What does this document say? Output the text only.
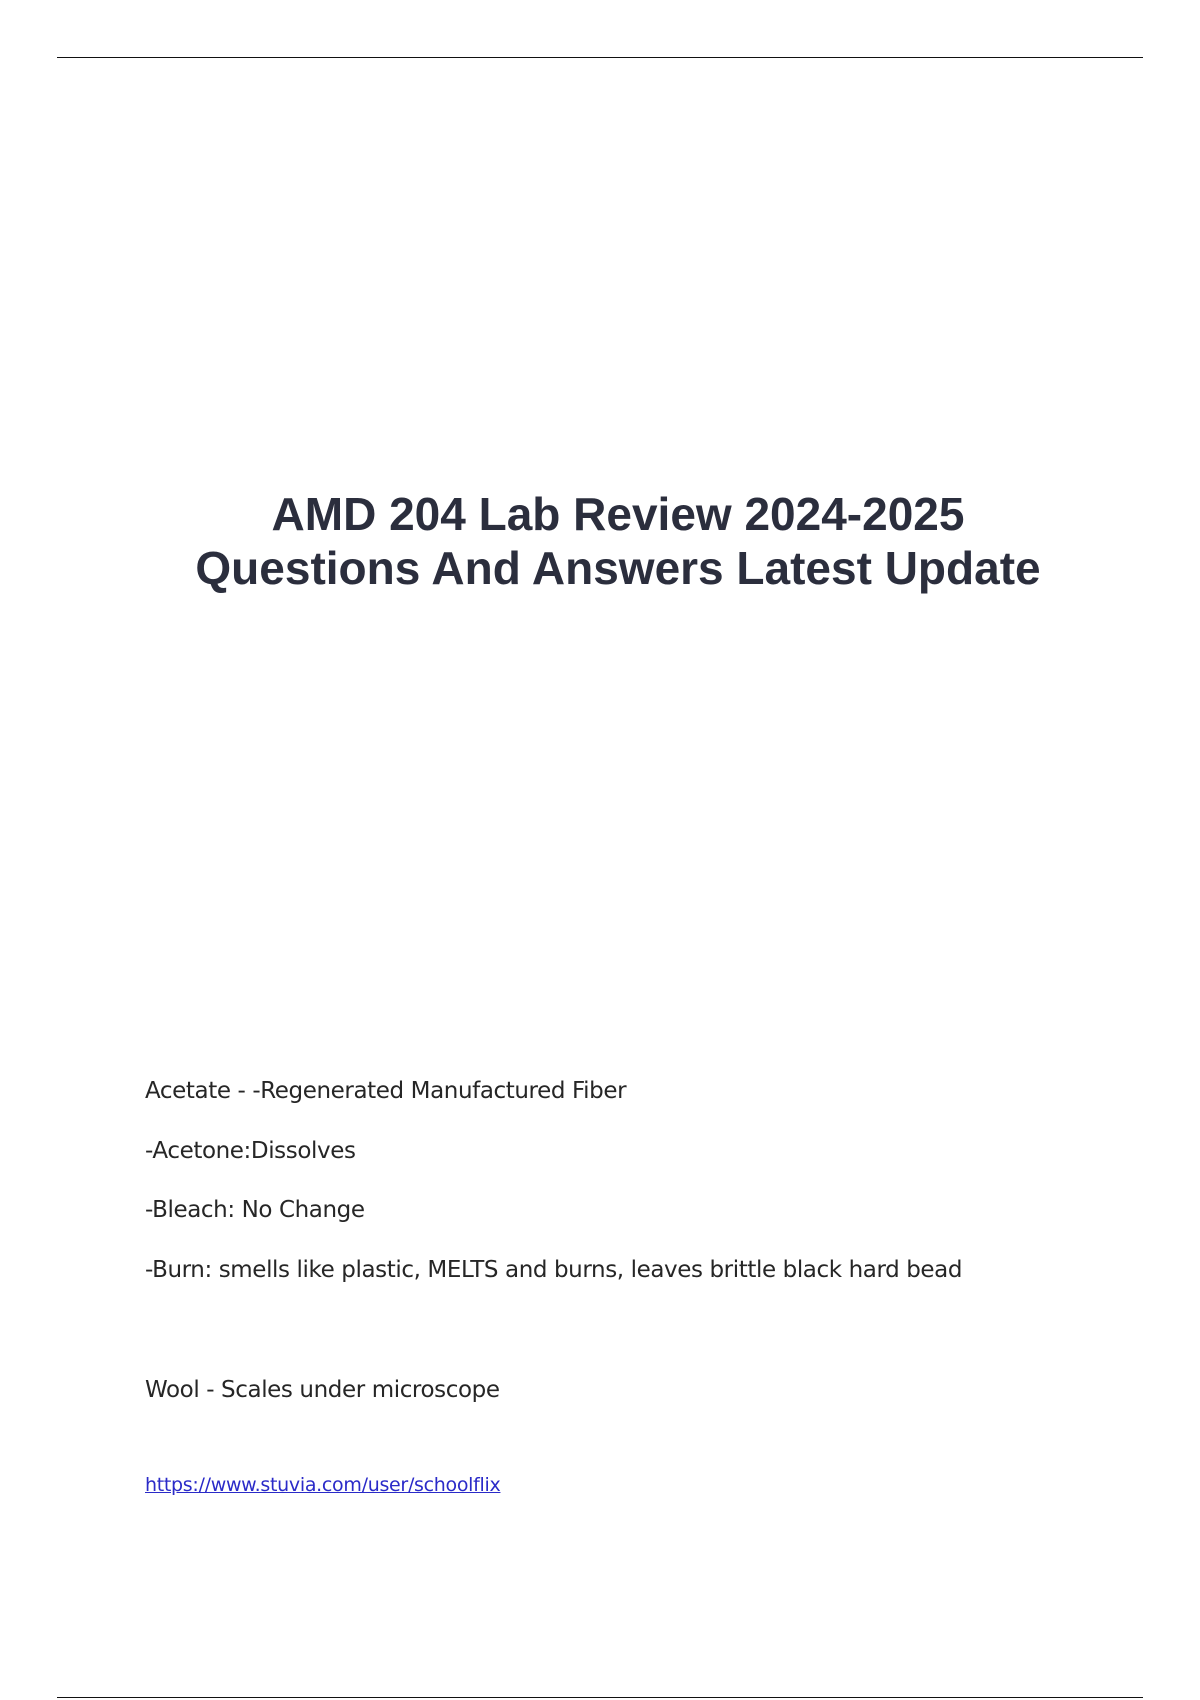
AMD 204 Lab Review 2024-2025
Questions And Answers Latest Update
Acetate - -Regenerated Manufactured Fiber
-Acetone:Dissolves
-Bleach: No Change
-Burn: smells like plastic, MELTS and burns, leaves brittle black hard bead
Wool - Scales under microscope
https://www.stuvia.com/user/schoolflix
